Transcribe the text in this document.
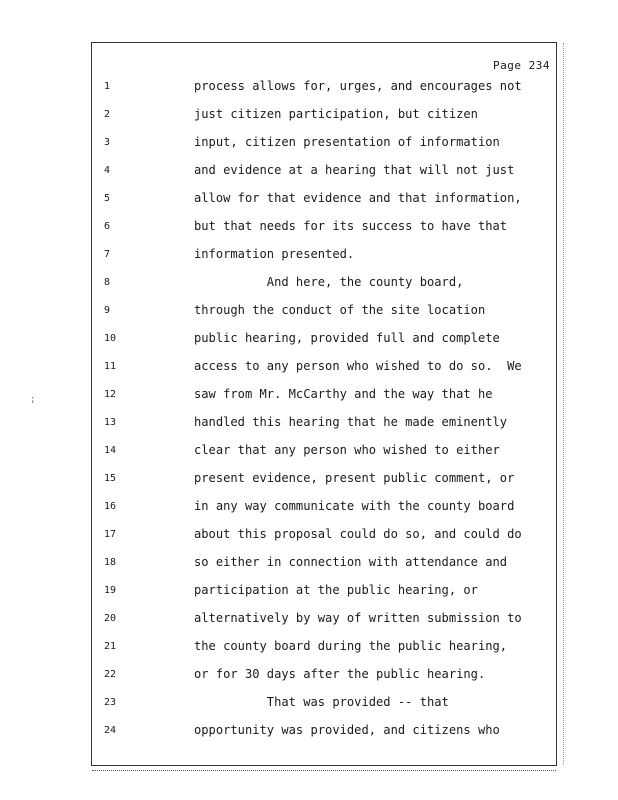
Page 234
1	process allows for, urges, and encourages not
2	just citizen participation, but citizen
3	input, citizen presentation of information
4	and evidence at a hearing that will not just
5	allow for that evidence and that information,
6	but that needs for its success to have that
7	information presented.
8	And here, the county board,
9	through the conduct of the site location
10	public hearing, provided full and complete
11	access to any person who wished to do so.  We
12	saw from Mr. McCarthy and the way that he
13	handled this hearing that he made eminently
14	clear that any person who wished to either
15	present evidence, present public comment, or
16	in any way communicate with the county board
17	about this proposal could do so, and could do
18	so either in connection with attendance and
19	participation at the public hearing, or
20	alternatively by way of written submission to
21	the county board during the public hearing,
22	or for 30 days after the public hearing.
23	That was provided -- that
24	opportunity was provided, and citizens who
;
